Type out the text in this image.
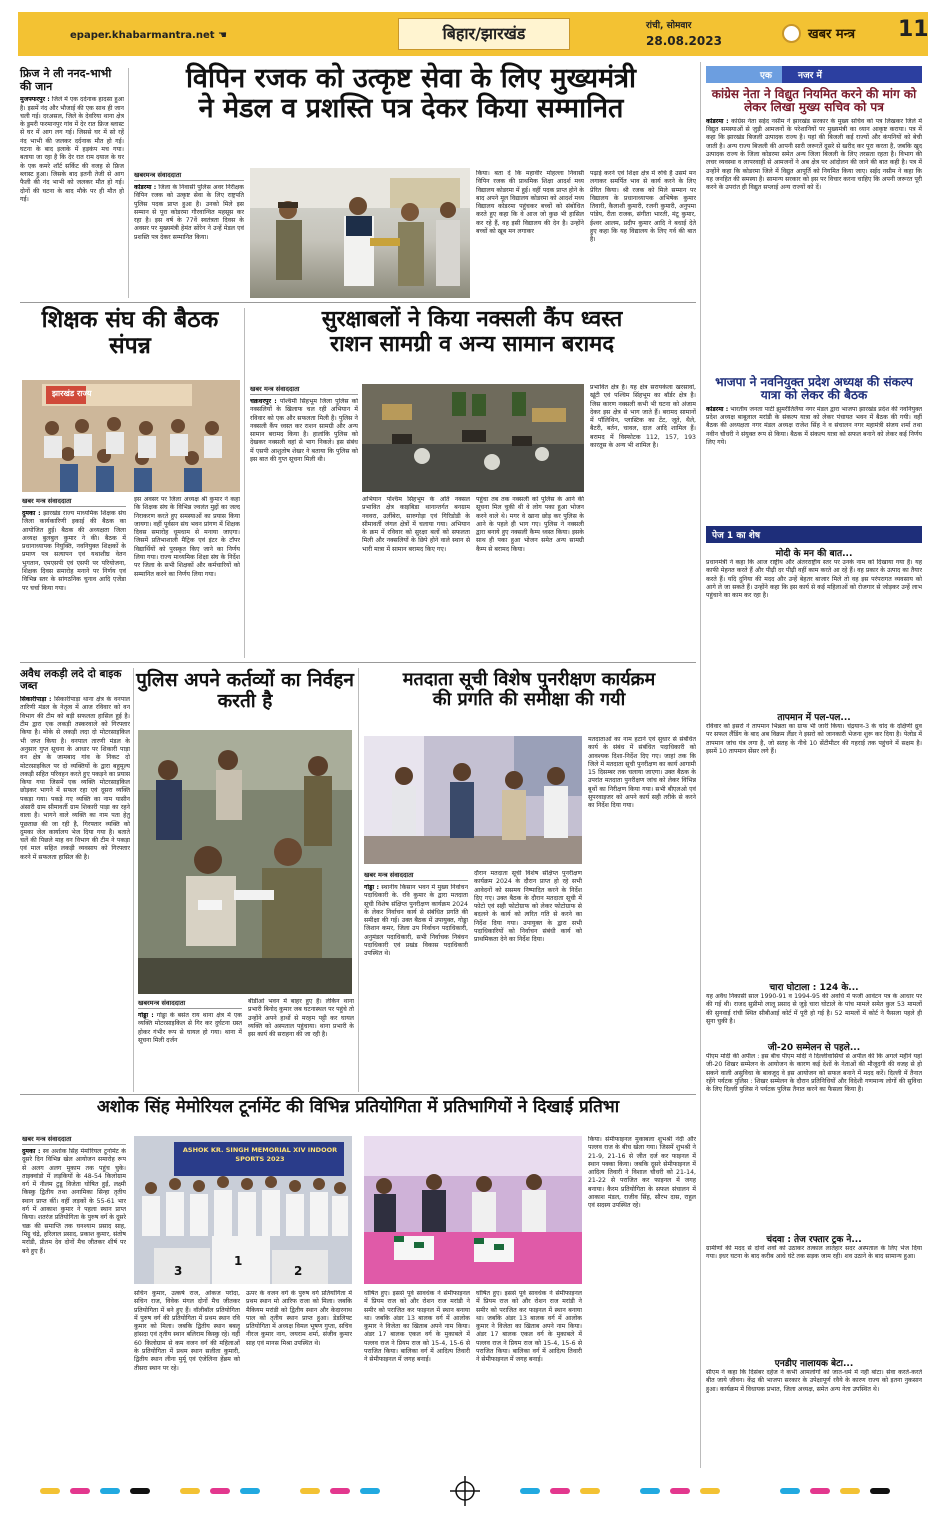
epaper.khabarmantra.net ☚	बिहार/झारखंड	रांची, सोमवार
28.08.2023	खबर मन्त्र 11
फ्रिज ने ली ननद-भाभी की जान
मुजफ्फरपुर : जिले में एक दर्दनाक हादसा हुआ है। इसमें नंद और भौजाई की एक साथ ही जान चली गई। दरअसल, जिले के देवरिया थाना क्षेत्र के डुमरी फरमानपुर गांव में देर रात फ्रिज ब्लास्ट से घर में आग लग गई। जिससे घर में सो रहें नंद भाभी की जलकर दर्दनाक मौत हो गई। घटना के बाद इलाके में हड़कंप मच गया। बताया जा रहा है कि देर रात राम दयाल के घर के एक कमरे शॉर्ट सर्किट की वजह से फ्रिज ब्लास्ट हुआ। जिसके बाद इतनी तेजी से आग फैली की नंद भाभी को जलकर मौत हो गई। दोनों की घटना के बाद मौके पर ही मौत हो गई।
विपिन रजक को उत्कृष्ट सेवा के लिए मुख्यमंत्री
ने मेडल व प्रशस्ति पत्र देकर किया सम्मानित
खबरमन्त्र संवाददाता
कोडरमा : जिला के निवासी पुलिस अवर निरीक्षक विपिन रजक को उत्कृष्ट सेवा के लिए राष्ट्रपति पुलिस पदक प्राप्त हुआ है। उनको मिले इस सम्मान से पूरा कोडरमा गौरवान्वित महसूस कर रहा है। इस वर्ष के 77वें स्वतंत्रता दिवस के अवसर पर मुख्यमंत्री हेमंत सोरेन ने उन्हें मेडल एवं प्रशस्ति पत्र देकर सम्मानित किया।
किया। बता दें कि महावीर मोहल्ला निवासी विपिन रजक की प्राथमिक शिक्षा आदर्श मध्य विद्यालय कोडरमा में हुई। वहीं पदक प्राप्त होने के बाद अपने मूल विद्यालय कोडरमा को आदर्श मध्य विद्यालय कोडरमा पहुंचकर बच्चों को संबोधित करते हुए कहा कि वे आज जो कुछ भी हासिल कर रहे हैं, वह इसी विद्यालय की देन है। उन्होंने बच्चों को खूब मन लगाकर
पढ़ाई करने एवं शिक्षा क्षेत्र में रुचि है उसमें मन लगाकर समर्पित भाव से कार्य करने के लिए प्रेरित किया। श्री रजक को मिले सम्मान पर विद्यालय के प्रधानाध्यापक अभिषेक कुमार तिवारी, कैलाशी कुमारी, रजनी कुमारी, अनुपमा पांडेय, रीता राजक, संगीता भारती, मंटू कुमार, ईश्वर आलम, प्रदीप कुमार आदि ने बधाई देते हुए कहा कि यह विद्यालय के लिए गर्व की बात है।
शिक्षक संघ की बैठक संपन्न
झारखंड राज्य
खबर मन्त्र संवाददाता
दुमका : झारखंड राज्य माध्यमिक शिक्षक संघ जिला कार्यकारिणी इकाई की बैठक का आयोजित हुई। बैठक की अध्यक्षता जिला अध्यक्ष बुलबुल कुमार ने की। बैठक में प्रधानाध्यापक नियुक्ति, नवनियुक्त शिक्षकों के प्रमाण पत्र सत्यापन एवं यथाशीघ्र वेतन भुगतान, एमएसपी एवं एसपी पर परियोजना, शिक्षक दिवस समारोह मनाने पर निर्णय एवं विभिन्न स्तर के सांगठनिक चुनाव आदि एजेंडा पर चर्चा किया गया।
इस अवसर पर जिला अध्यक्ष श्री कुमार ने कहा कि शिक्षक संघ के विभिन्न ज्वलंत मुद्दों का जल्द निराकरण करते हुए समस्याओं का प्रयास किया जायगा। वहीं पूर्वसन संघ भवन प्रांगण में शिक्षक दिवस समारोह धूमधाम से मनाया जाएगा। जिसमें प्रतिभाशाली मैट्रिक एवं इंटर के टॉपर विद्यार्थियों को पुरस्कृत किए जाने का निर्णय लिया गया। राज्य माध्यमिक शिक्षा संघ के निर्देश पर जिला के सभी शिक्षकों और कर्मचारियों को सम्मानित करने का निर्णय लिया गया।
सुरक्षाबलों ने किया नक्सली कैंप ध्वस्त
राशन सामग्री व अन्य सामान बरामद
खबर मन्त्र संवाददाता
चक्रधरपुर : पश्चिमी सिंहभूम जिला पुलिस को नक्सलियों के खिलाफ चल रही अभियान में रविवार को एक और सफलता मिली है। पुलिस ने नक्सली कैंप ध्वस्त कर राशन सामग्री और अन्य सामान बरामद किया है। हालांकि पुलिस को देखकर नक्सली वहां से भाग निकले। इस संबंध में एसपी आशुतोष शेखर ने बताया कि पुलिस को इस बात की गुप्त सूचना मिली थी।
अभियान पश्चिम सिंहभूम के अति नक्सल प्रभावित क्षेत्र काइबिडा थानान्तर्गत बनग्राम नववरा, उर्लीबेरा, सारुगोड़ा एवं गिरिडोडी के सीमावर्ती जंगल क्षेत्रों में चलाया गया। अभियान के क्रम में रविवार को सुरक्षा बलों को सफलता मिली और नक्सलियों के छिपे होने वाले स्थान से भारी मात्रा में सामान बरामद किए गए।
पहुंचा तब तक नक्सली को पुलिस के आने की सूचना मिल चुकी थी वे लोग पका हुआ भोजन करने वाले थे। मगर वे खाना छोड़ कर पुलिस के आने के पहले ही भाग गए। पुलिस ने नक्सली द्वारा बनाये हुए नक्सली कैम्प ध्वस्त किया। इसके साथ ही पका हुआ भोजन समेत अन्य सामग्री कैम्प से बरामद किया।
प्रभावित क्षेत्र है। यह क्षेत्र सरायकेला खरसावां, खूंटी एवं पश्चिम सिंहभूम का बॉर्डर क्षेत्र है। जिस कारण नक्सली कभी भी घटना को अंजाम देकर इस क्षेत्र से भाग जाते हैं। बरामद सामानों में पॉलिथिन, प्लास्टिक का टेंट, जूते, थैले, बैटरी, बर्तन, चावल, दाल आदि शामिल हैं। बरामद में विस्फोटक 112, 157, 193 कारतूस के अन्य भी शामिल है।
अवैध लकड़ी लदे दो बाइक जब्त
सिकारीपाड़ा : सिकारीपाड़ा थाना क्षेत्र के वनपाल तारिणी मंडल के नेतृत्व में आज रविवार को वन विभाग की टीम को बड़ी सफलता हासिल हुई है। टीम द्वारा एक लकड़ी तस्करवाले को गिरफ्तार किया है। मोके से लकड़ी लदा दो मोटरसाइकिल भी जप्त किया है। वनपाल तारणी मंडल के अनुसार गुप्त सूचना के आधार पर शिकारी पाड़ा वन क्षेत्र के जामबाद गांव के निकट दो मोटरसाइकिल पर दो व्यक्तियों के द्वारा बहुमूल्य लकड़ी सहित परिवहन करते हुए पकड़ने का प्रयास किया गया जिसमें एक व्यक्ति मोटरसाइकिल छोड़कर भागने में सफल रहा एवं दूसरा व्यक्ति पकड़ा गया। पकड़े गए व्यक्ति का नाम यासीन अंसारी ग्राम सीमावर्ती ग्राम शिकारी पाड़ा का रहने वाला है। भागने वाले व्यक्ति का नाम पता हेतु पूछताछ की जा रही है, गिरफ्तार व्यक्ति को दुमका जेल कार्यालय भेज दिया गया है। बताते चलें की पिछले माह वन विभाग की टीम ने पकड़ा एवं माल सहित लकड़ी व्यवसाय को गिरफ्तार करने में सफलता हासिल की है।
पुलिस अपने कर्तव्यों का निर्वहन करती है
खबरमन्त्र संवाददाता
गोड्डा : गोड्डा के बसंत राय थाना क्षेत्र में एक व्यक्ति मोटरसाइकिल से गिर कर दुर्घटना ग्रस्त होकर गंभीर रूप से घायल हो गया। थाना में सूचना मिली दर्जन
बीडीओ भवन में बाहर हुए हैं। लेकिन थाना प्रभारी बिनोद कुमार जब घटनास्थल पर पहुंचे तो उन्होंने अपने हाथों से मरहम पट्टी कर घायल व्यक्ति को अस्पताल पहुंचाया। थाना प्रभारी के इस कार्य की सराहना की जा रही है।
मतदाता सूची विशेष पुनरीक्षण कार्यक्रम
की प्रगति की समीक्षा की गयी
खबर मन्त्र संवाददाता
गोड्डा : स्थानीय किसान भवन में मुख्य निर्वाचन पदाधिकारी के. रवि कुमार के द्वारा मतदाता सूची विशेष संक्षिप्त पुनरीक्षण कार्यक्रम 2024 के लेकर निर्वाचन कार्य से संबंधित प्रगति की समीक्षा की गई। उक्त बैठक में उपायुक्त, गोड्डा जिशान कमर, जिला उप निर्वाचन पदाधिकारी, अनुमंडल पदाधिकारी, सभी निर्वाचक निबंधन पदाधिकारी एवं प्रखंड विकास पदाधिकारी उपस्थित थे।
दौरान मतदाता सूची विशेष संक्षिप्त पुनरीक्षण कार्यक्रम 2024 के दौरान प्राप्त हो रहे सभी आवेदनों को ससमय निष्पादित करने के निर्देश दिए गए। उक्त बैठक के दौरान मतदाता सूची में फोटो एवं सही फोटोग्राफ को लेकर फोटोग्राफ से बदलने के कार्य को त्वरित गति से करने का निर्देश दिया गया। उपायुक्त के द्वारा सभी पदाधिकारियों को निर्वाचन संबंधी कार्य को प्राथमिकता देने का निर्देश दिया।
मतदाताओं का नाम हटाने एवं सुधार से संबंधित कार्य के संबंध में संबंधित पदाधिकारी को आवश्यक दिशा-निर्देश दिए गए। जाहां तक कि जिले में मतदाता सूची पुनरीक्षण का कार्य आगामी 15 दिसम्बर तक चलाया जाएगा। उक्त बैठक के उपरांत मतदाता पुनरीक्षण जांच को लेकर विभिन्न बूथों का निरीक्षण किया गया। सभी बीएलओ एवं सुपरवाइजर को अपने कार्य सही तरीके से करने का निर्देश दिया गया।
अशोक सिंह मेमोरियल टूर्नामेंट की विभिन्न प्रतियोगिता में प्रतिभागियों ने दिखाई प्रतिभा
खबर मन्त्र संवाददाता
दुमका : स्व अशोक सिंह मेमोरियल टूर्नामेंट के दूसरे दिन विभिन्न खेल आयोजन समारोह रूप से अलग अलग मुकाम तक पहुंच चुके। ताइक्वांडो में लड़कियों के 48-54 किलोग्राम वर्ग में नीलम टुडू विजेता घोषित हुईं, लक्ष्मी किस्कु द्वितीय तथा अनामिका सिन्हा तृतीय स्थान प्राप्त कीं। वहीं लड़कों के 55-61 भार वर्ग में आकाश कुमार ने पहला स्थान प्राप्त किया। शतरंज प्रतियोगिता के पुरुष वर्ग के दूसरे चक्र की समाप्ति तक घनश्याम प्रसाद साह, मिट्ठू चंद्रे, हरिलाल प्रसाद, प्रकाश कुमार, संतोष मरांडी, प्रीतम देव दोनों मैच जीतकर शीर्ष पर बने हुए हैं।
ASHOK KR. SINGH MEMORIAL XIV INDOOR SPORTS 2023
3
1
2
सचिन कुमार, उत्कर्ष राज, ओकज परोदा, सचिन राज, विवेक मंगल दोनों मैच जीतकर प्रतियोगिता में बने हुए हैं। वॉलीबॉल प्रतियोगिता में पुरुष वर्ग की प्रतियोगिता में प्रथम स्थान रवि कुमार को मिला। जबकि द्वितीय स्थान बबलू हांसदा एवं तृतीय स्थान बलिराम किस्कु रहे। वहीं 60 किलोग्राम से कम वजन वर्ग की महिलाओं के प्रतियोगिता में प्रथम स्थान सलीता कुमारी, द्वितीय स्थान लीना मुर्मू एवं एंजेलिना हेंब्रम को तीसरा स्थान पर रहे।
ऊपर के वजन वर्ग के पुरुष वर्ग प्रतियोगिता में प्रथम स्थान मो आरिफ राजा को मिला। जबकि मैकियम मरांडी को द्वितीय स्थान और केदारनाथ पाल को तृतीय स्थान प्राप्त हुआ। डेडलिफ्ट प्रतियोगिता में अध्यक्ष विमल भूषण गुप्ता, सचिव नीरज कुमार नाग, जयराम शर्मा, संजीव कुमार साह एवं मानस मिश्रा उपस्थित थे।
घोषित हुए। इससे पूर्व सावधेक ने सेमीफाइनल में प्रियम राज को और रोशन राज मरांडी ने समीर को पराजित कर फाइनल में स्थान बनाया था। जबकि अंडर 13 बालक वर्ग में आलोक कुमार ने विजेता का खिताब अपने नाम किया। अंडर 17 बालक एकल वर्ग के मुकाबले में पल्लव राज ने प्रियम राज को 15-4, 15-6 से पराजित किया। बालिका वर्ग में आदित्य तिवारी ने सेमीफाइनल में जगह बनाई।
किया। सेमीफाइनल मुकाबला शुभश्री नंदी और पल्लव राज के बीच खेला गया। जिसमें शुभश्री ने 21-9, 21-16 से जीत दर्ज कर फाइनल में स्थान पक्का किया। जबकि दूसरे सेमीफाइनल में आदित्य तिवारी ने विशाल चौधरी को 21-14, 21-22 से पराजित कर फाइनल में जगह बनाया। कैरम प्रतियोगिता के सफल संचालन में आकाश मंडल, राजीव सिंह, सौरभ दास, राहुल एवं सदस्य उपस्थित रहे।
घोषित हुए। इससे पूर्व सावधेक ने सेमीफाइनल में प्रियम राज को और रोशन राज मरांडी ने समीर को पराजित कर फाइनल में स्थान बनाया था। जबकि अंडर 13 बालक वर्ग में आलोक कुमार ने विजेता का खिताब अपने नाम किया। अंडर 17 बालक एकल वर्ग के मुकाबले में पल्लव राज ने प्रियम राज को 15-4, 15-6 से पराजित किया। बालिका वर्ग में आदित्य तिवारी ने सेमीफाइनल में जगह बनाई।
एक	नजर में
कांग्रेस नेता ने विद्युत नियमित करने की मांग को लेकर लिखा मुख्य सचिव को पत्र
कोडरमा : कांग्रेस नेता सईद नसीम ने झारखंड सरकार के मुख्य सचिव को पत्र लिखकर जिले में विद्युत समस्याओं से जुड़ी आमजनों के परेशानियों पर मुख्यमंत्री का ध्यान आकृष्ट कराया। पत्र में कहा कि झारखंड बिजली उत्पादक राज्य है। यहां की बिजली कई राज्यों और कंपनियों को बेची जाती है। अन्य राज्य बिजली की आपनी सारी जरूरतें दूसरे से खरीद कर पूरा करता है, जबकि खुद उत्पादक राज्य के जिला कोडरमा समेत अन्य जिला बिजली के लिए तरसता रहता है। विभाग की लचर व्यवस्था व लापरवाही से आमजनों ने अब क्षेत्र पर आंदोलन की जाने की बात कही है। पत्र में उन्होंने कहा कि कोडरमा जिले में विद्युत आपूर्ति को नियमित किया जाए। सईद नसीम ने कहा कि यह जनहित की समस्या है। सामान्य सरकार को इस पर विचार करना चाहिए कि अपनी जरूरत पूरी करने के उपरांत ही विद्युत सप्लाई अन्य राज्यों को दें।
भाजपा ने नवनियुक्त प्रदेश अध्यक्ष की संकल्प यात्रा को लेकर की बैठक
कोडरमा : भारतीय जनता पार्टी झुमरीतिलैया नगर मंडल द्वारा भाजपा झारखंड प्रदेश की नवनियुक्त प्रदेश अध्यक्ष बाबूलाल मरांडी के संकल्प यात्रा को लेकर पंचायत भवन में बैठक की गयी। वहीं बैठक की अध्यक्षता नगर मंडल अध्यक्ष राजेश सिंह ने व संचालन नगर महामंत्री संजय शर्मा तथा नवीन चौधरी ने संयुक्त रूप से किया। बैठक में संकल्प यात्रा को सफल बनाने को लेकर कई निर्णय लिए गये।
पेज 1 का शेष
मोदी के मन की बात...
प्रधानमंत्री ने कहा कि आज राष्ट्रीय और अंतरराष्ट्रीय स्तर पर उनके नाम को दिखाया गया है। यह काफी मेहनत करते हैं और पीढ़ी दर पीढ़ी वहीं काम करते आ रहे हैं। वह प्रकार के उत्पाद का तैयार करते हैं। यदि दुनिया की मदद और उन्हें बेहतर बाजार मिले तो वह इस परंपरागत व्यवसाय को आगे ले जा सकते हैं। उन्होंने कहा कि इस कार्य से कई महिलाओं को रोजगार से जोड़कर उन्हें लाभ पहुंचाने का काम कर रहा है।
तापमान में पल-पल...
रविवार को इसरो ने तापमान भिन्नता का ग्राफ भी जारी किया। चंद्रयान-3 के चांद के दक्षिणी ध्रुव पर सफल लैंडिंग के बाद अब विक्रम लैंडर ने इसरो को जानकारी भेजना शुरू कर दिया है। पेलोड में तापमान जांच यंत्र लगा है, जो सतह के नीचे 10 सेंटीमीटर की गहराई तक पहुंचने में सक्षम है। इसमें 10 तापमान सेंसर लगे हैं।
चारा घोटाला : 124 के...
यह अवैध निकासी साल 1990-91 व 1994-95 की अवधि में फर्जी आवंटन पत्र के आधार पर की गई थी। राजद सुप्रीमो लालू प्रसाद से जुड़े चारा घोटाले के पांच मामले समेत कुल 53 मामलों की सुनवाई रांची स्थित सीबीआई कोर्ट में पूरी हो गई है। 52 मामलों में कोर्ट ने फैसला पहले ही सुना चुकी है।
जी-20 सम्मेलन से पहले...
पीएम मोदी की अपील : इस बीच पीएम मोदी ने दिल्लीवासियों से अपील की कि अगले महीने यहां जी-20 शिखर सम्मेलन के आयोजन के कारण कई देशों के नेताओं की मौजूदगी की वजह से हो सकने वाली असुविधा के बावजूद वे इस आयोजन को सफल बनाने में मदद करें। दिल्ली में तैनात रहेंगे पर्यटक पुलिस : शिखर सम्मेलन के दौरान प्रतिनिधियों और विदेशी गणमान्य लोगों की सुविधा के लिए दिल्ली पुलिस ने पर्यटक पुलिस तैनात करने का फैसला किया है।
चंदवा : तेज रफ्तार ट्रक ने...
ग्रामीणों की मदद से दोनों शवों को उठाकर तत्काल लातेहार सदर अस्पताल के लिए भेज दिया गया। इधर घटना के बाद करीब आधे घंटे तक सड़क जाम रही। शव उठाने के बाद सामान्य हुआ।
एनडीए नालायक बेटा...
सीएम ने कहा कि दिसंबर दहेज ने कभी आमलोगों को जात-धर्म में नहीं बांटा। सेवा करते-करते बीत जाये जीवन। केंद्र की भाजपा सरकार के उपेक्षापूर्ण रवैये के कारण राज्य को इतना नुकसान हुआ। कार्यक्रम में विधायक प्रभात, जिला अध्यक्ष, समेत अन्य नेता उपस्थित थे।
